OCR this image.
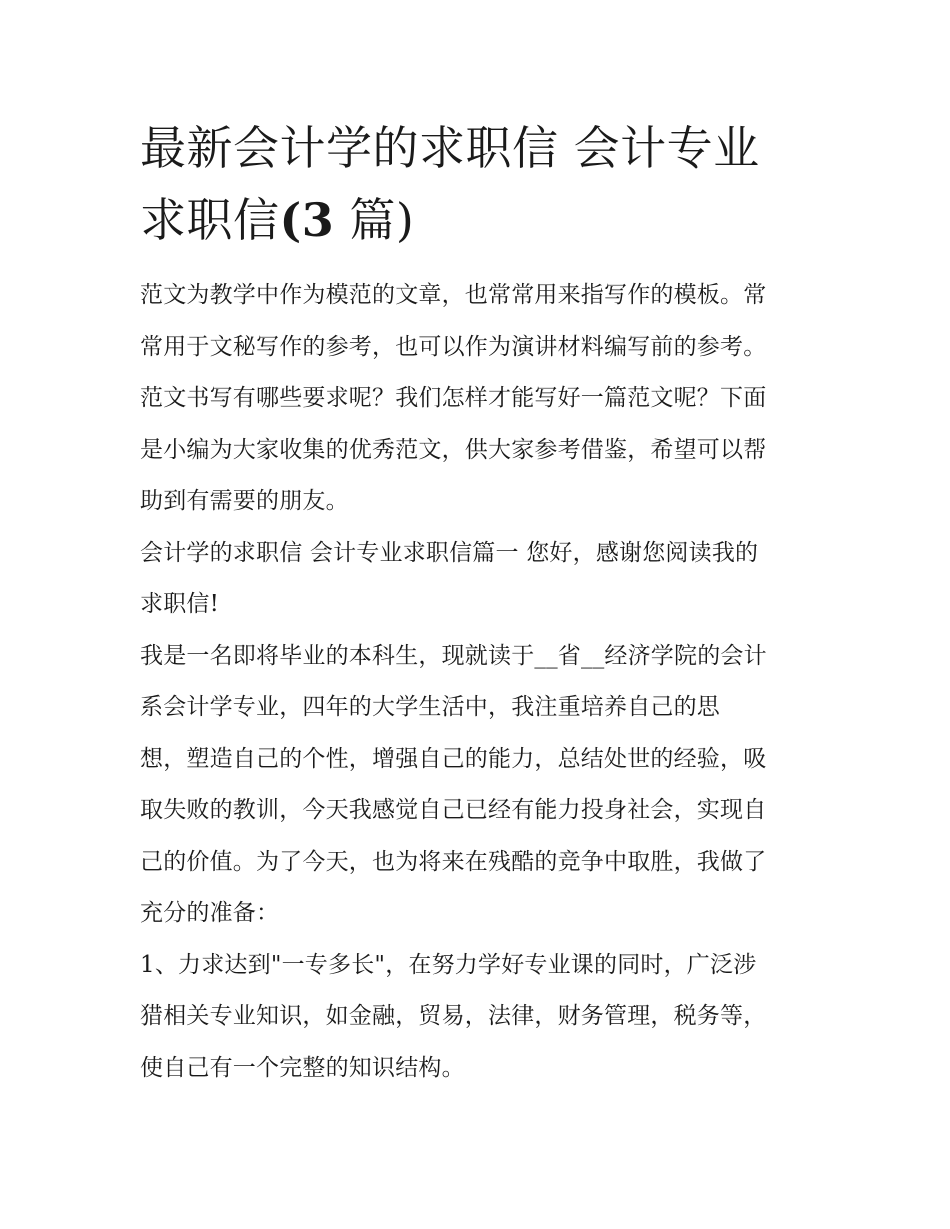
最新会计学的求职信 会计专业
求职信(3 篇)
范文为教学中作为模范的文章，也常常用来指写作的模板。常
常用于文秘写作的参考，也可以作为演讲材料编写前的参考。
范文书写有哪些要求呢？我们怎样才能写好一篇范文呢？下面
是小编为大家收集的优秀范文，供大家参考借鉴，希望可以帮
助到有需要的朋友。
会计学的求职信 会计专业求职信篇一 您好，感谢您阅读我的
求职信!
我是一名即将毕业的本科生，现就读于__省__经济学院的会计
系会计学专业，四年的大学生活中，我注重培养自己的思
想，塑造自己的个性，增强自己的能力，总结处世的经验，吸
取失败的教训，今天我感觉自己已经有能力投身社会，实现自
己的价值。为了今天，也为将来在残酷的竞争中取胜，我做了
充分的准备：
1、力求达到"一专多长"，在努力学好专业课的同时，广泛涉
猎相关专业知识，如金融，贸易，法律，财务管理，税务等，
使自己有一个完整的知识结构。
